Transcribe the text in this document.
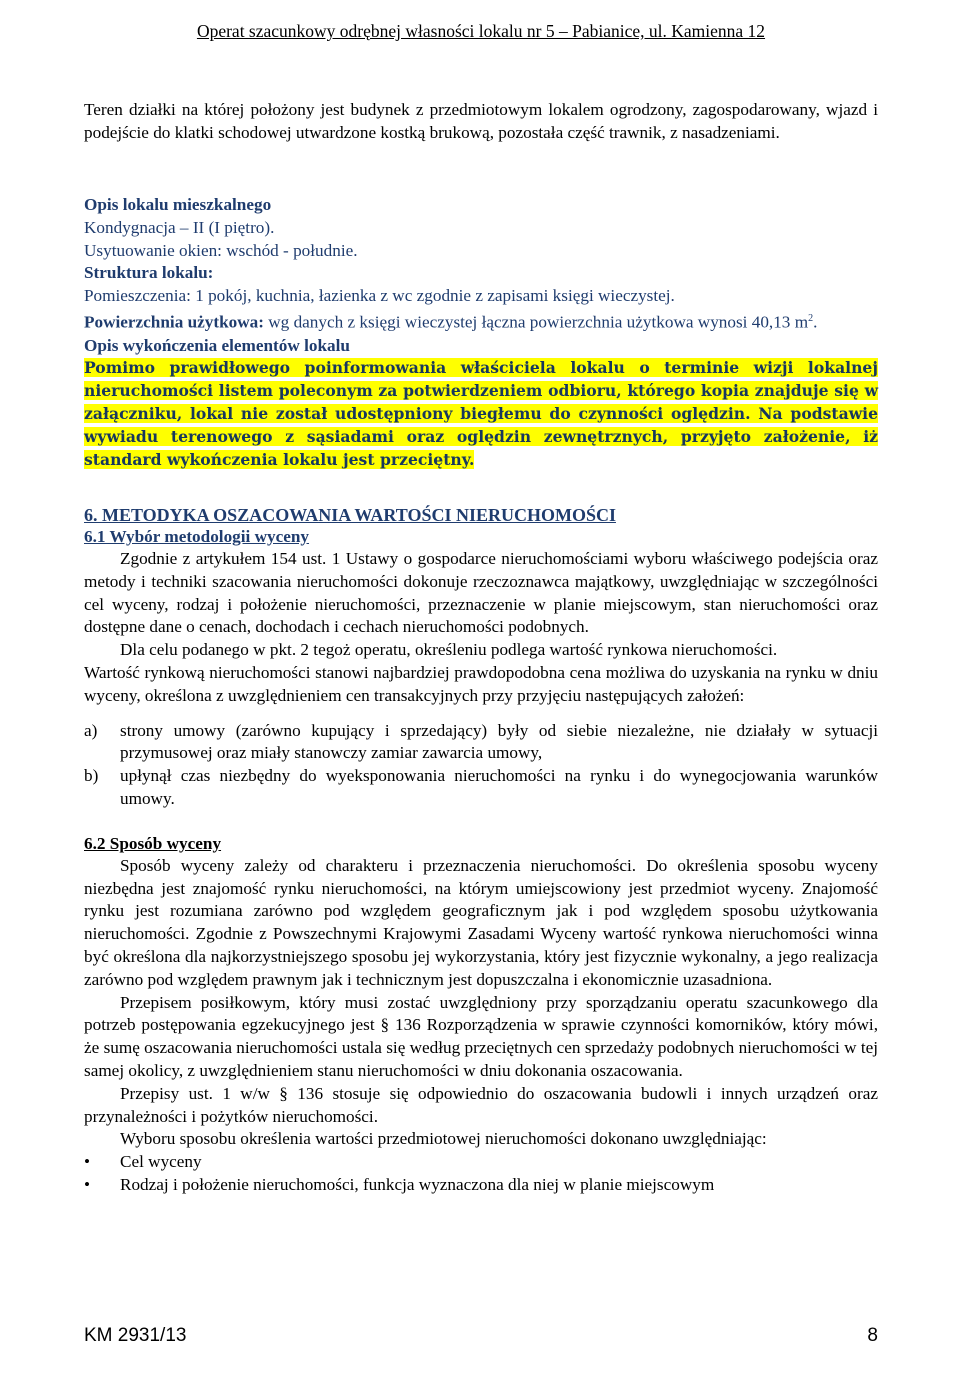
Operat szacunkowy odrębnej własności lokalu nr 5 – Pabianice, ul. Kamienna 12

Teren działki na której położony jest budynek z przedmiotowym lokalem ogrodzony, zagospodarowany, wjazd i podejście do klatki schodowej utwardzone kostką brukową, pozostała część trawnik, z nasadzeniami.

Opis lokalu mieszkalnego
Kondygnacja – II (I piętro).
Usytuowanie okien: wschód - południe.
Struktura lokalu:
Pomieszczenia: 1 pokój, kuchnia, łazienka z wc zgodnie z zapisami księgi wieczystej.
Powierzchnia użytkowa: wg danych z księgi wieczystej łączna powierzchnia użytkowa wynosi 40,13 $m^2$.
Opis wykończenia elementów lokalu

Pomimo prawidłowego poinformowania właściciela lokalu o terminie wizji lokalnej nieruchomości listem poleconym za potwierdzeniem odbioru, którego kopia znajduje się w załączniku, lokal nie został udostępniony biegłemu do czynności oględzin. Na podstawie wywiadu terenowego z sąsiadami oraz oględzin zewnętrznych, przyjęto założenie, iż standard wykończenia lokalu jest przeciętny.

6. METODYKA OSZACOWANIA WARTOŚCI NIERUCHOMOŚCI
6.1 Wybór metodologii wyceny

Zgodnie z artykułem 154 ust. 1 Ustawy o gospodarce nieruchomościami wyboru właściwego podejścia oraz metody i techniki szacowania nieruchomości dokonuje rzeczoznawca majątkowy, uwzględniając w szczególności cel wyceny, rodzaj i położenie nieruchomości, przeznaczenie w planie miejscowym, stan nieruchomości oraz dostępne dane o cenach, dochodach i cechach nieruchomości podobnych.

Dla celu podanego w pkt. 2 tegoż operatu, określeniu podlega wartość rynkowa nieruchomości.

Wartość rynkową nieruchomości stanowi najbardziej prawdopodobna cena możliwa do uzyskania na rynku w dniu wyceny, określona z uwzględnieniem cen transakcyjnych przy przyjęciu następujących założeń:

a) strony umowy (zarówno kupujący i sprzedający) były od siebie niezależne, nie działały w sytuacji przymusowej oraz miały stanowczy zamiar zawarcia umowy,
b) upłynął czas niezbędny do wyeksponowania nieruchomości na rynku i do wynegocjowania warunków umowy.
6.2 Sposób wyceny

Sposób wyceny zależy od charakteru i przeznaczenia nieruchomości. Do określenia sposobu wyceny niezbędna jest znajomość rynku nieruchomości, na którym umiejscowiony jest przedmiot wyceny. Znajomość rynku jest rozumiana zarówno pod względem geograficznym jak i pod względem sposobu użytkowania nieruchomości. Zgodnie z Powszechnymi Krajowymi Zasadami Wyceny wartość rynkowa nieruchomości winna być określona dla najkorzystniejszego sposobu jej wykorzystania, który jest fizycznie wykonalny, a jego realizacja zarówno pod względem prawnym jak i technicznym jest dopuszczalna i ekonomicznie uzasadniona.

Przepisem posiłkowym, który musi zostać uwzględniony przy sporządzaniu operatu szacunkowego dla potrzeb postępowania egzekucyjnego jest § 136 Rozporządzenia w sprawie czynności komorników, który mówi, że sumę oszacowania nieruchomości ustala się według przeciętnych cen sprzedaży podobnych nieruchomości w tej samej okolicy, z uwzględnieniem stanu nieruchomości w dniu dokonania oszacowania.

Przepisy ust. 1 w/w § 136 stosuje się odpowiednio do oszacowania budowli i innych urządzeń oraz przynależności i pożytków nieruchomości.

Wyboru sposobu określenia wartości przedmiotowej nieruchomości dokonano uwzględniając:

• Cel wyceny
• Rodzaj i położenie nieruchomości, funkcja wyznaczona dla niej w planie miejscowym
KM 2931/13	8
